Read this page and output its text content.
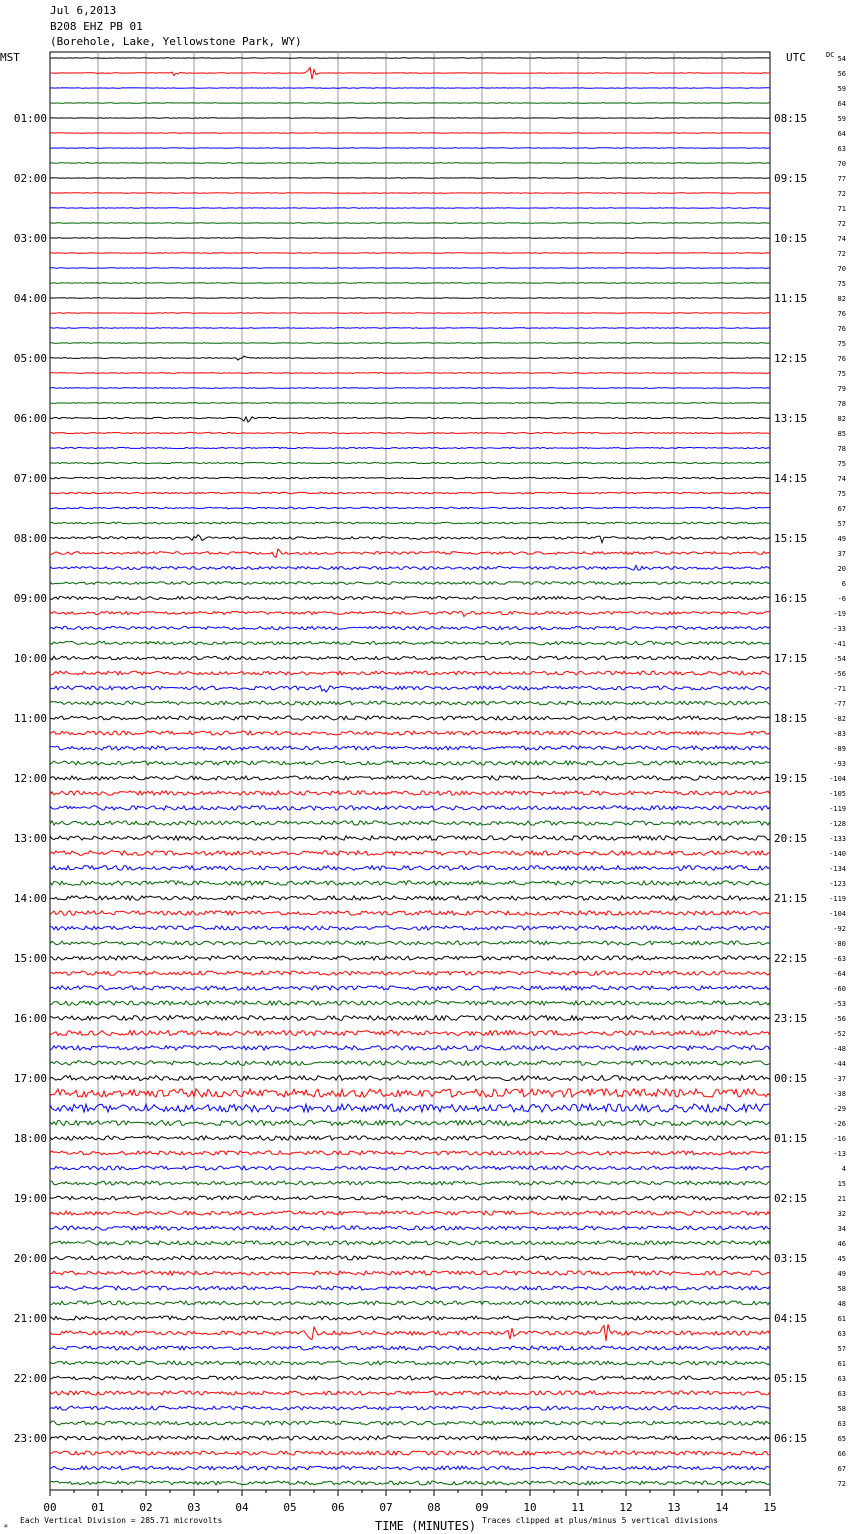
Jul 6,2013

B208 EHZ PB 01

(Borehole, Lake, Yellowstone Park, WY)

00	01	02	03	04	05	06	07	08	09	10	11	12	13	14	15
54
56
59
64
59
64
63
70
77
72
71
72
74
72
70
75
82
76
76
75
76
75
79
78
82
85
78
75
74
75
67
57
49
37
20
6
-6
-19
-33
-41
-54
-56
-71
-77
-82
-83
-89
-93
-104
-105
-119
-128
-133
-140
-134
-123
-119
-104
-92
-80
-63
-64
-60
-53
-56
-52
-48
-44
-37
-38
-29
-26
-16
-13
4
15
21
32
34
46
45
49
58
48
61
63
57
61
63
63
58
63
65
66
67
72
01:00	08:15
02:00	09:15
03:00	10:15
04:00	11:15
05:00	12:15
06:00	13:15
07:00	14:15
08:00	15:15
09:00	16:15
10:00	17:15
11:00	18:15
12:00	19:15
13:00	20:15
14:00	21:15
15:00	22:15
16:00	23:15
17:00	00:15
18:00	01:15
19:00	02:15
20:00	03:15
21:00	04:15
22:00	05:15
23:00	06:15
MST	UTC	DC
⌘
Each Vertical Division = 285.71 microvolts	TIME (MINUTES) Traces clipped at plus/minus 5 vertical divisions
